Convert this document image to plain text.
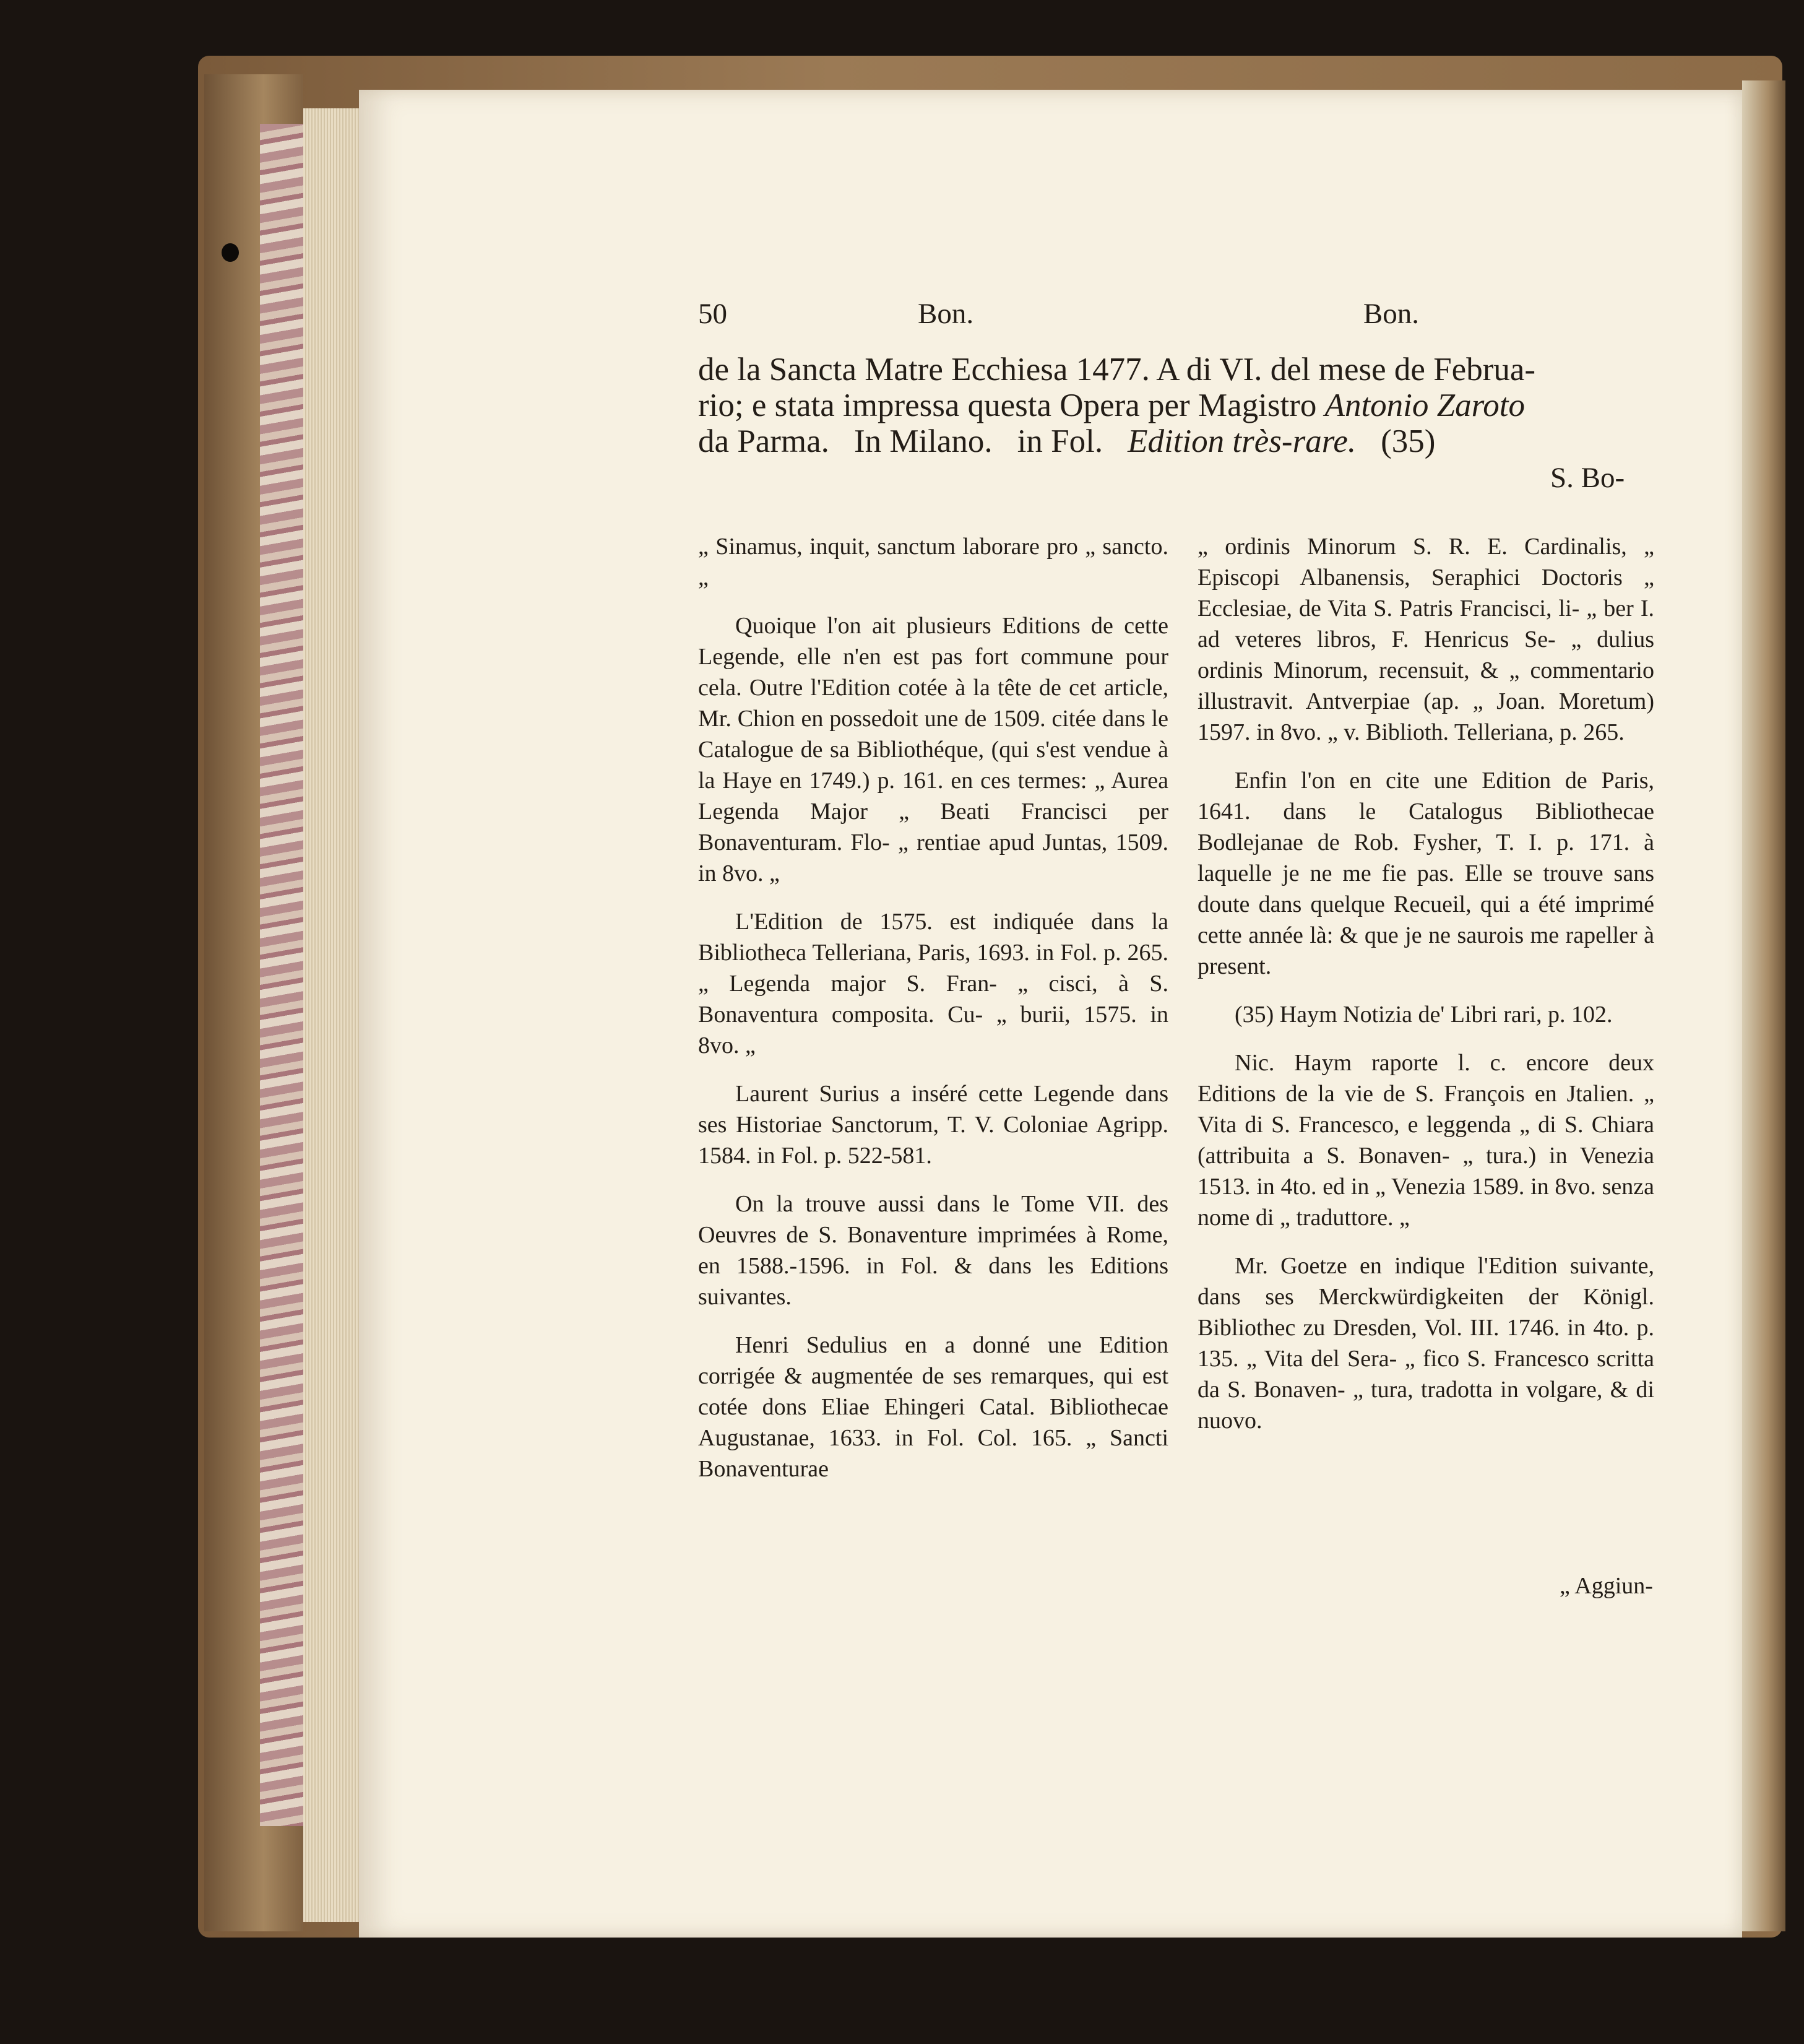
50	Bon.	Bon.
de la Sancta Matre Ecchiesa 1477. A di VI. del mese de Februa-
rio; e stata impressa questa Opera per Magistro Antonio Zaroto
da Parma. In Milano. in Fol. Edition très-rare. (35)
S. Bo-

„ Sinamus, inquit, sanctum laborare pro „ sancto. „

Quoique l'on ait plusieurs Editions de cette Legende, elle n'en est pas fort commune pour cela. Outre l'Edition cotée à la tête de cet article, Mr. Chion en possedoit une de 1509. citée dans le Catalogue de sa Bibliothéque, (qui s'est vendue à la Haye en 1749.) p. 161. en ces termes: „ Aurea Legenda Major „ Beati Francisci per Bonaventuram. Flo- „ rentiae apud Juntas, 1509. in 8vo. „

L'Edition de 1575. est indiquée dans la Bibliotheca Telleriana, Paris, 1693. in Fol. p. 265. „ Legenda major S. Fran- „ cisci, à S. Bonaventura composita. Cu- „ burii, 1575. in 8vo. „

Laurent Surius a inséré cette Legende dans ses Historiae Sanctorum, T. V. Coloniae Agripp. 1584. in Fol. p. 522-581.

On la trouve aussi dans le Tome VII. des Oeuvres de S. Bonaventure imprimées à Rome, en 1588.-1596. in Fol. & dans les Editions suivantes.

Henri Sedulius en a donné une Edition corrigée & augmentée de ses remarques, qui est cotée dons Eliae Ehingeri Catal. Bibliothecae Augustanae, 1633. in Fol. Col. 165. „ Sancti Bonaventurae

„ ordinis Minorum S. R. E. Cardinalis, „ Episcopi Albanensis, Seraphici Doctoris „ Ecclesiae, de Vita S. Patris Francisci, li- „ ber I. ad veteres libros, F. Henricus Se- „ dulius ordinis Minorum, recensuit, & „ commentario illustravit. Antverpiae (ap. „ Joan. Moretum) 1597. in 8vo. „ v. Biblioth. Telleriana, p. 265.

Enfin l'on en cite une Edition de Paris, 1641. dans le Catalogus Bibliothecae Bodlejanae de Rob. Fysher, T. I. p. 171. à laquelle je ne me fie pas. Elle se trouve sans doute dans quelque Recueil, qui a été imprimé cette année là: & que je ne saurois me rapeller à present.

(35) Haym Notizia de' Libri rari, p. 102.

Nic. Haym raporte l. c. encore deux Editions de la vie de S. François en Jtalien. „ Vita di S. Francesco, e leggenda „ di S. Chiara (attribuita a S. Bonaven- „ tura.) in Venezia 1513. in 4to. ed in „ Venezia 1589. in 8vo. senza nome di „ traduttore. „

Mr. Goetze en indique l'Edition suivante, dans ses Merckwürdigkeiten der Königl. Bibliothec zu Dresden, Vol. III. 1746. in 4to. p. 135. „ Vita del Sera- „ fico S. Francesco scritta da S. Bonaven- „ tura, tradotta in volgare, & di nuovo.

„ Aggiun-
